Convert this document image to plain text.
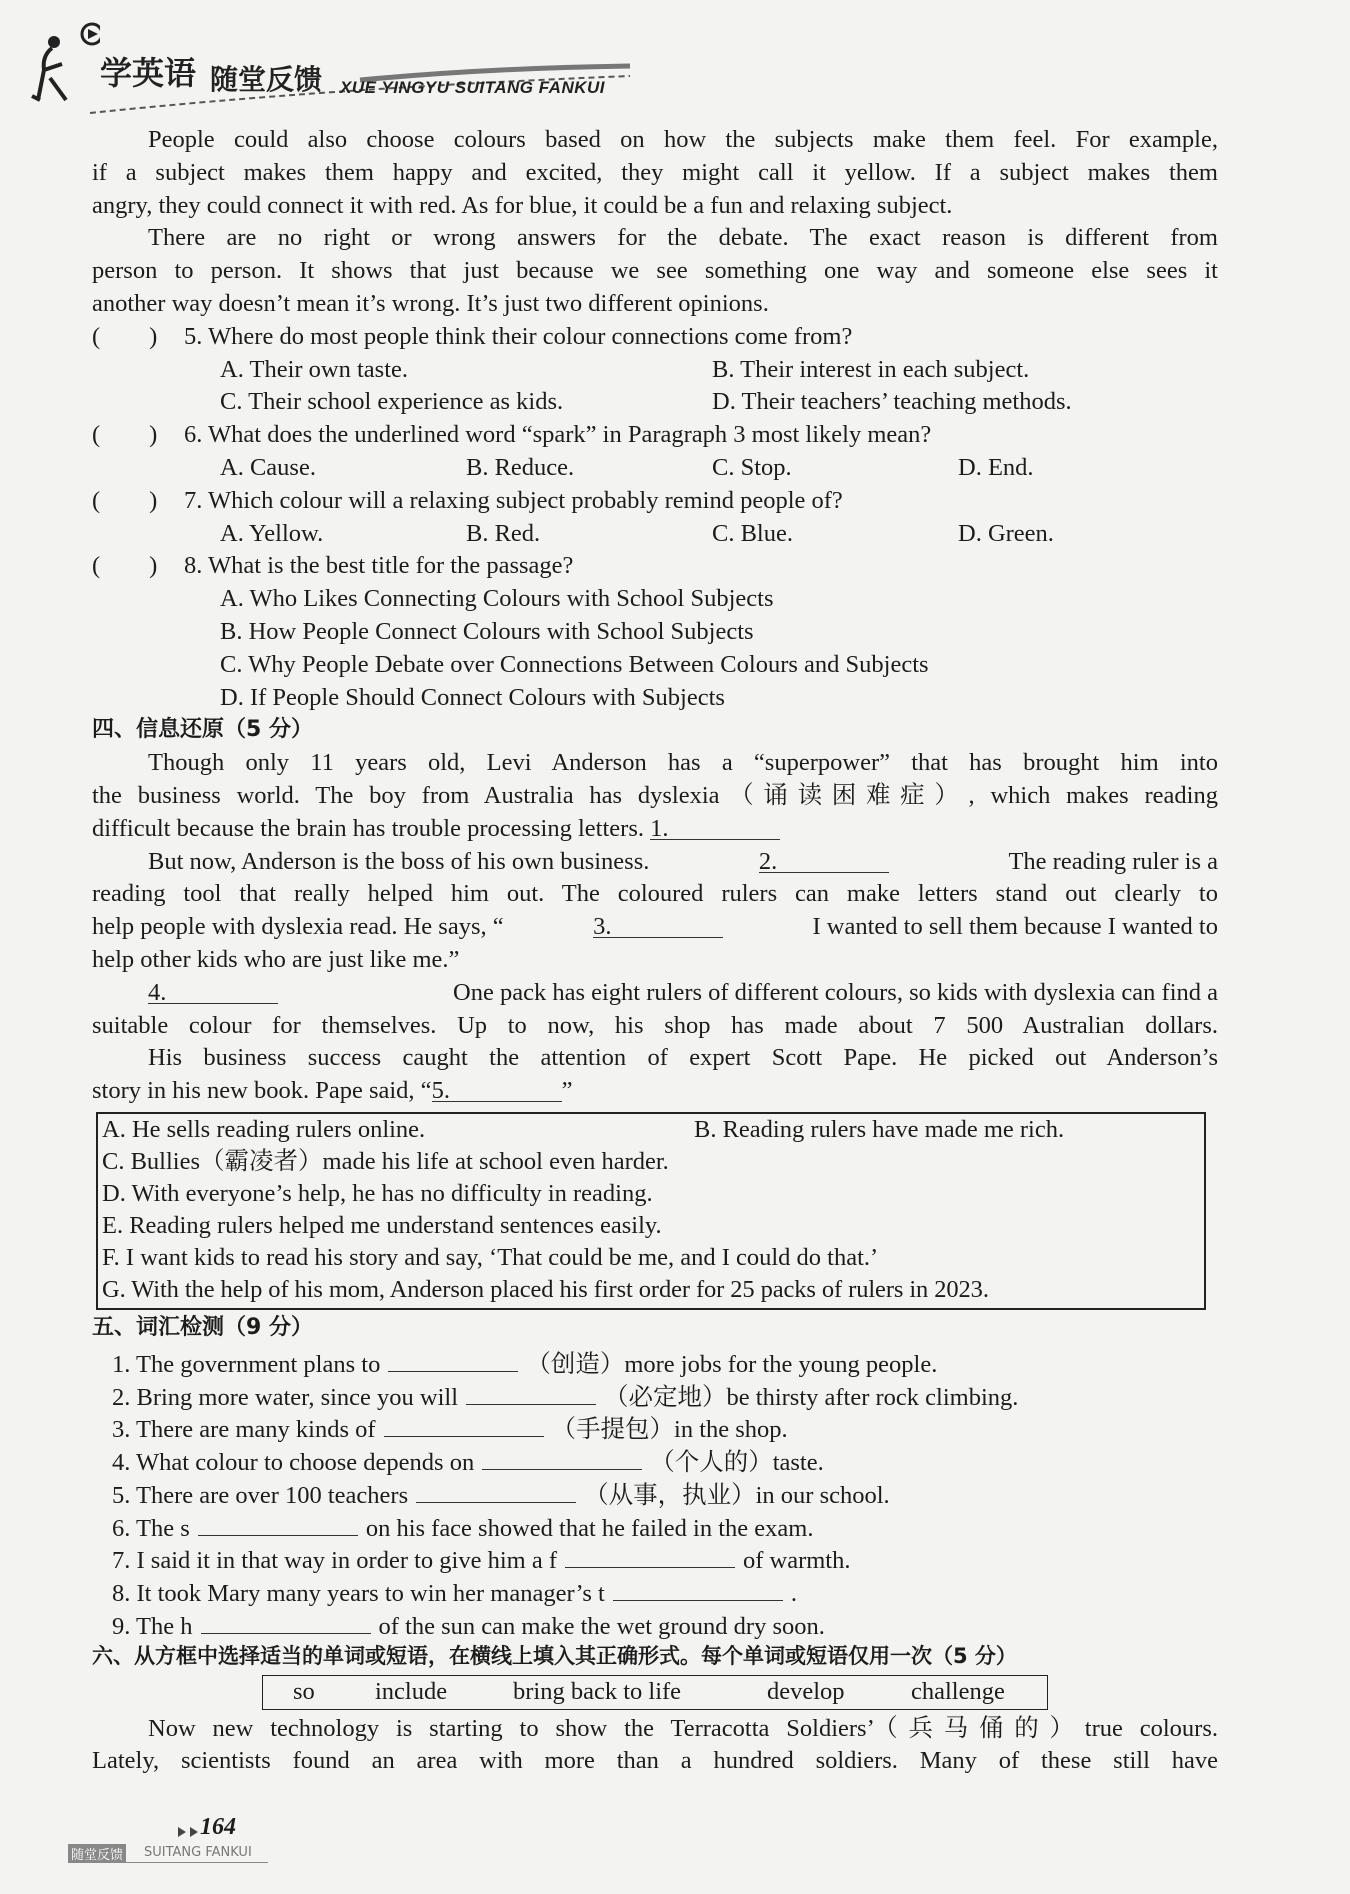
学英语 随堂反馈 XUE YINGYU SUITANG FANKUI
People could also choose colours based on how the subjects make them feel. For example,
if a subject makes them happy and excited, they might call it yellow. If a subject makes them
angry, they could connect it with red. As for blue, it could be a fun and relaxing subject.
There are no right or wrong answers for the debate. The exact reason is different from
person to person. It shows that just because we see something one way and someone else sees it
another way doesn’t mean it’s wrong. It’s just two different opinions.
(　　)	5. Where do most people think their colour connections come from?
A. Their own taste.	B. Their interest in each subject.
C. Their school experience as kids.	D. Their teachers’ teaching methods.
(　　)	6. What does the underlined word “spark” in Paragraph 3 most likely mean?
A. Cause.	B. Reduce.	C. Stop.	D. End.
(　　)	7. Which colour will a relaxing subject probably remind people of?
A. Yellow.	B. Red.	C. Blue.	D. Green.
(　　)	8. What is the best title for the passage?
A. Who Likes Connecting Colours with School Subjects
B. How People Connect Colours with School Subjects
C. Why People Debate over Connections Between Colours and Subjects
D. If People Should Connect Colours with Subjects
四、信息还原（5 分）
Though only 11 years old, Levi Anderson has a “superpower” that has brought him into
the business world. The boy from Australia has dyslexia（诵读困难症）, which makes reading
difficult because the brain has trouble processing letters. 1.
But now, Anderson is the boss of his own business.	2.	The reading ruler is a
reading tool that really helped him out. The coloured rulers can make letters stand out clearly to
help people with dyslexia read. He says, “	3.	I wanted to sell them because I wanted to
help other kids who are just like me.”
4.	One pack has eight rulers of different colours, so kids with dyslexia can find a
suitable colour for themselves. Up to now, his shop has made about 7 500 Australian dollars.
His business success caught the attention of expert Scott Pape. He picked out Anderson’s
story in his new book. Pape said, “5.	”
A. He sells reading rulers online.	B. Reading rulers have made me rich.
C. Bullies（霸凌者）made his life at school even harder.
D. With everyone’s help, he has no difficulty in reading.
E. Reading rulers helped me understand sentences easily.
F. I want kids to read his story and say, ‘That could be me, and I could do that.’
G. With the help of his mom, Anderson placed his first order for 25 packs of rulers in 2023.
五、词汇检测（9 分）
1. The government plans to	（创造）more jobs for the young people.
2. Bring more water, since you will	（必定地）be thirsty after rock climbing.
3. There are many kinds of	（手提包）in the shop.
4. What colour to choose depends on	（个人的）taste.
5. There are over 100 teachers	（从事，执业）in our school.
6. The s	on his face showed that he failed in the exam.
7. I said it in that way in order to give him a f	of warmth.
8. It took Mary many years to win her manager’s t	.
9. The h	of the sun can make the wet ground dry soon.
六、从方框中选择适当的单词或短语，在横线上填入其正确形式。每个单词或短语仅用一次（5 分）
so include	bring back to life	develop	challenge
Now new technology is starting to show the Terracotta Soldiers’（兵马俑的）true colours.
Lately, scientists found an area with more than a hundred soldiers. Many of these still have
164
随堂反馈 SUITANG FANKUI
